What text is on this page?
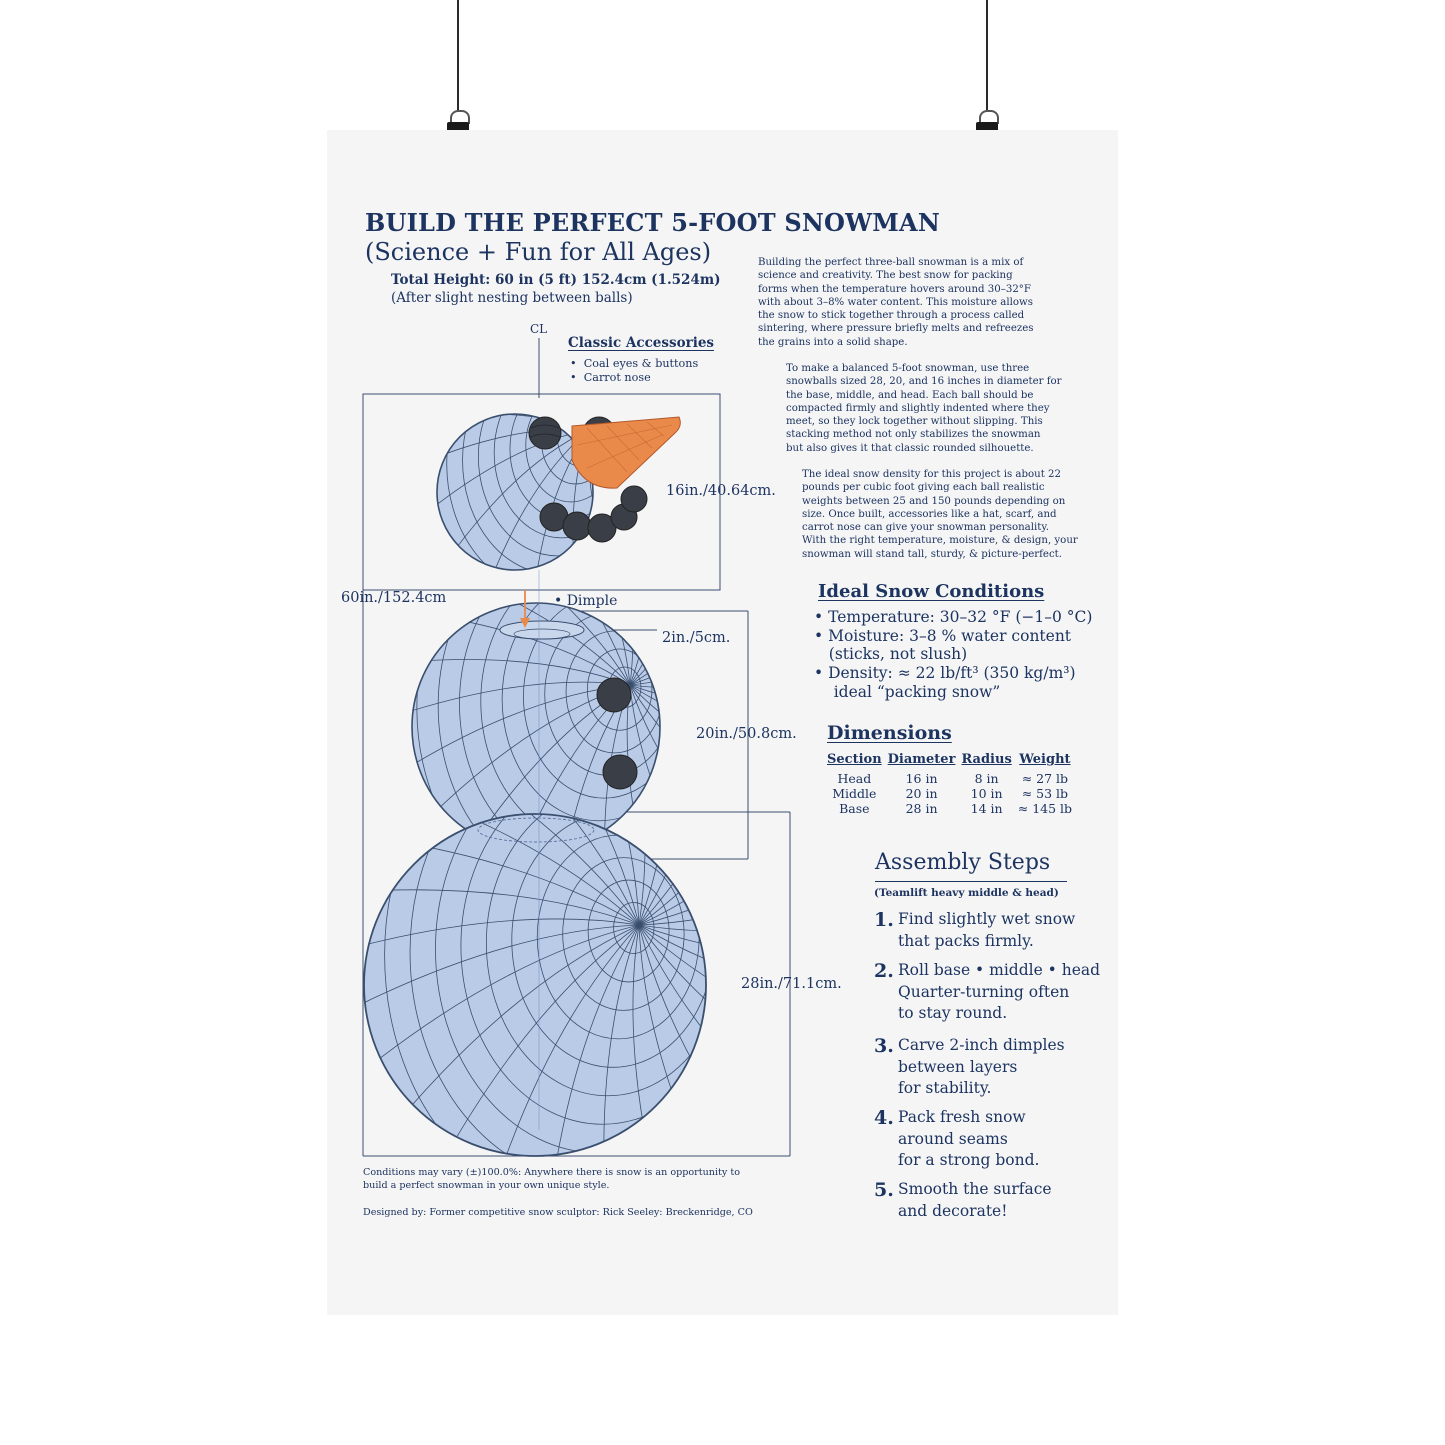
BUILD THE PERFECT 5-FOOT SNOWMAN
(Science + Fun for All Ages)
Total Height: 60 in (5 ft) 152.4cm (1.524m)
(After slight nesting between balls)
Building the perfect three-ball snowman is a mix of
science and creativity. The best snow for packing
forms when the temperature hovers around 30–32°F
with about 3–8% water content. This moisture allows
the snow to stick together through a process called
sintering, where pressure briefly melts and refreezes
the grains into a solid shape.
To make a balanced 5-foot snowman, use three
snowballs sized 28, 20, and 16 inches in diameter for
the base, middle, and head. Each ball should be
compacted firmly and slightly indented where they
meet, so they lock together without slipping. This
stacking method not only stabilizes the snowman
but also gives it that classic rounded silhouette.
The ideal snow density for this project is about 22
pounds per cubic foot giving each ball realistic
weights between 25 and 150 pounds depending on
size. Once built, accessories like a hat, scarf, and
carrot nose can give your snowman personality.
With the right temperature, moisture, & design, your
snowman will stand tall, sturdy, & picture-perfect.
CL
Classic Accessories
•  Coal eyes & buttons
•  Carrot nose
16in./40.64cm.
60in./152.4cm	• Dimple
2in./5cm.
20in./50.8cm.
28in./71.1cm.
Ideal Snow Conditions
• Temperature: 30–32 °F (−1–0 °C)
• Moisture: 3–8 % water content
(sticks, not slush)
• Density: ≈ 22 lb/ft³ (350 kg/m³)
ideal “packing snow”
Dimensions
Section	Diameter	Radius	Weight
Head	16 in	8 in	≈ 27 lb
Middle	20 in	10 in	≈ 53 lb
Base	28 in	14 in	≈ 145 lb
Assembly Steps
(Teamlift heavy middle & head)
1. Find slightly wet snow
that packs firmly.
2. Roll base • middle • head
Quarter-turning often
to stay round.
3. Carve 2-inch dimples
between layers
for stability.
4. Pack fresh snow
around seams
for a strong bond.
5. Smooth the surface
and decorate!
Conditions may vary (±)100.0%: Anywhere there is snow is an opportunity to
build a perfect snowman in your own unique style.
Designed by: Former competitive snow sculptor: Rick Seeley: Breckenridge, CO
